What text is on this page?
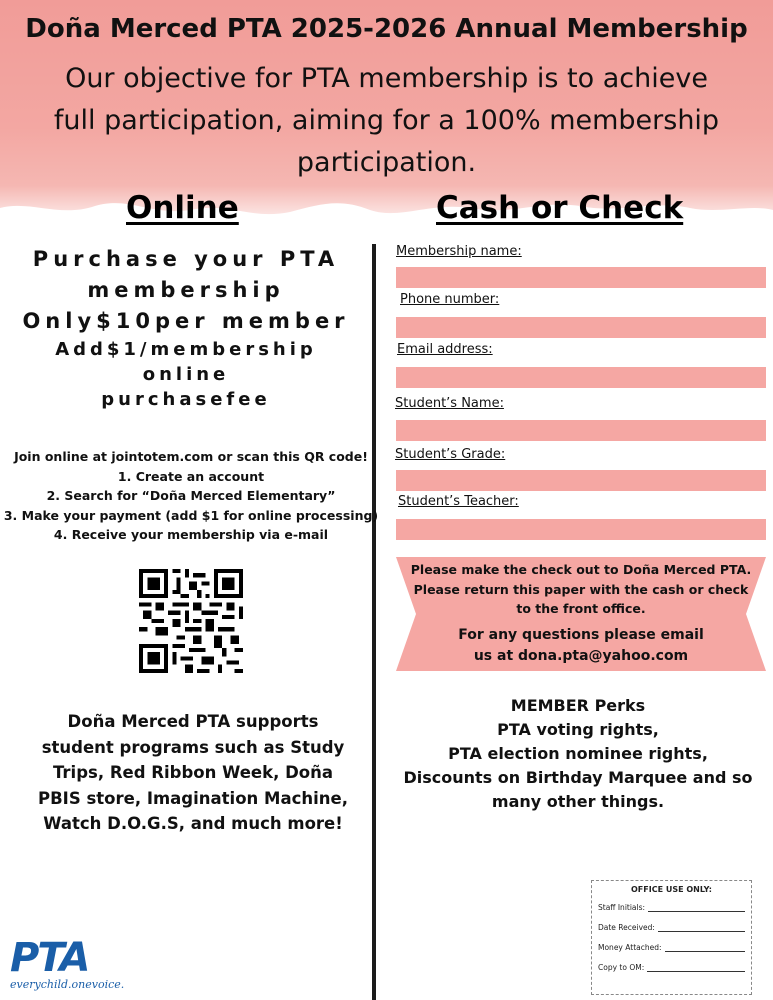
Doña Merced PTA 2025-2026 Annual Membership
Our objective for PTA membership is to achieve
full participation, aiming for a 100% membership
participation.
Online	Cash or Check
Purchase your PTA
membership
Only$10per member
Add$1/membership
online
purchasefee
Join online at jointotem.com or scan this QR code!
1. Create an account
2. Search for “Doña Merced Elementary”
3. Make your payment (add $1 for online processing)
4. Receive your membership via e-mail
Doña Merced PTA supports
student programs such as Study
Trips, Red Ribbon Week, Doña
PBIS store, Imagination Machine,
Watch D.O.G.S, and much more!
PTA
everychild.onevoice.
Membership name:
Phone number:
Email address:
Student’s Name:
Student’s Grade:
Student’s Teacher:
Please make the check out to Doña Merced PTA.
Please return this paper with the cash or check
to the front office.
For any questions please email
us at dona.pta@yahoo.com
MEMBER Perks
PTA voting rights,
PTA election nominee rights,
Discounts on Birthday Marquee and so
many other things.
OFFICE USE ONLY:
Staff Initials:
Date Received:
Money Attached:
Copy to OM:
